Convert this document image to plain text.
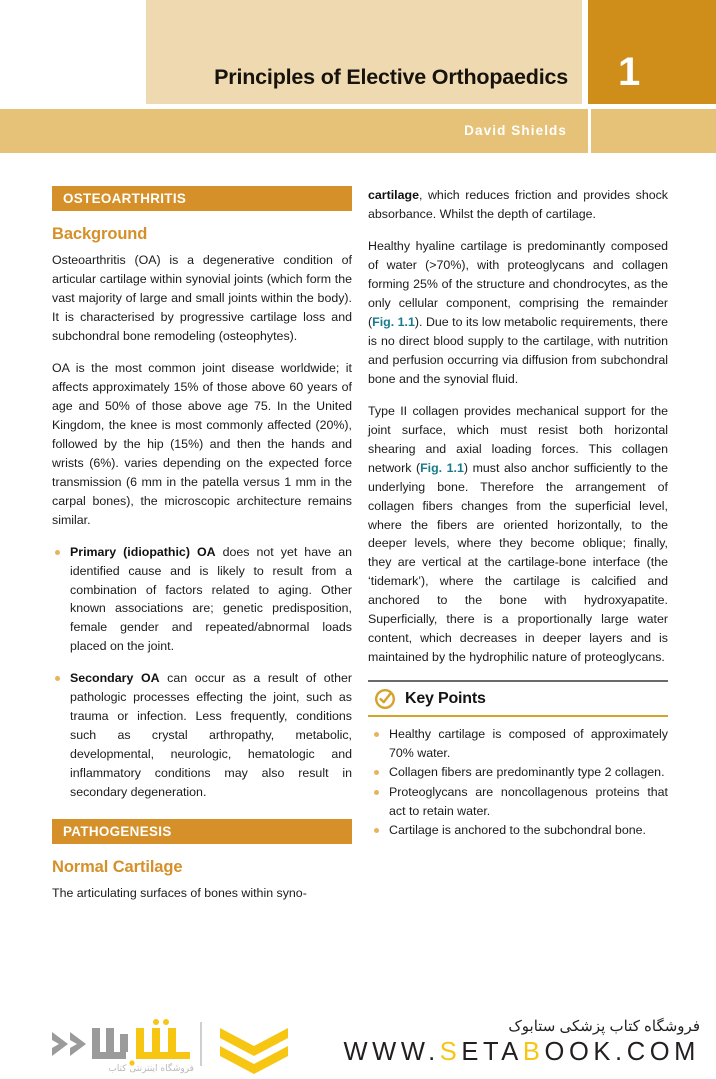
Principles of Elective Orthopaedics 1
David Shields
OSTEOARTHRITIS
Background

Osteoarthritis (OA) is a degenerative condition of articular cartilage within synovial joints (which form the vast majority of large and small joints within the body). It is characterised by progressive cartilage loss and subchondral bone remodeling (osteophytes).

OA is the most common joint disease worldwide; it affects approximately 15% of those above 60 years of age and 50% of those above age 75. In the United Kingdom, the knee is most commonly affected (20%), followed by the hip (15%) and then the hands and wrists (6%). varies depending on the expected force transmission (6 mm in the patella versus 1 mm in the carpal bones), the microscopic architecture remains similar.

Primary (idiopathic) OA does not yet have an identified cause and is likely to result from a combination of factors related to aging. Other known associations are; genetic predisposition, female gender and repeated/abnormal loads placed on the joint.
Secondary OA can occur as a result of other pathologic processes effecting the joint, such as trauma or infection. Less frequently, conditions such as crystal arthropathy, metabolic, developmental, neurologic, hematologic and inflammatory conditions may also result in secondary degeneration.
PATHOGENESIS
Normal Cartilage

The articulating surfaces of bones within syno-

cartilage, which reduces friction and provides shock absorbance. Whilst the depth of cartilage.

Healthy hyaline cartilage is predominantly composed of water (>70%), with proteoglycans and collagen forming 25% of the structure and chondrocytes, as the only cellular component, comprising the remainder (Fig. 1.1). Due to its low metabolic requirements, there is no direct blood supply to the cartilage, with nutrition and perfusion occurring via diffusion from subchondral bone and the synovial fluid.

Type II collagen provides mechanical support for the joint surface, which must resist both horizontal shearing and axial loading forces. This collagen network (Fig. 1.1) must also anchor sufficiently to the underlying bone. Therefore the arrangement of collagen fibers changes from the superficial level, where the fibers are oriented horizontally, to the deeper levels, where they become oblique; finally, they are vertical at the cartilage-bone interface (the ‘tidemark’), where the cartilage is calcified and anchored to the bone with hydroxyapatite. Superficially, there is a proportionally large water content, which decreases in deeper layers and is maintained by the hydrophilic nature of proteoglycans.

Key Points
Healthy cartilage is composed of approximately 70% water.
Collagen fibers are predominantly type 2 collagen.
Proteoglycans are noncollagenous proteins that act to retain water.
Cartilage is anchored to the subchondral bone.
فروشگاه اینترنتی کتاب
فروشگاه کتاب پزشکی ستابوک
WWW.SETABOOK.COM
